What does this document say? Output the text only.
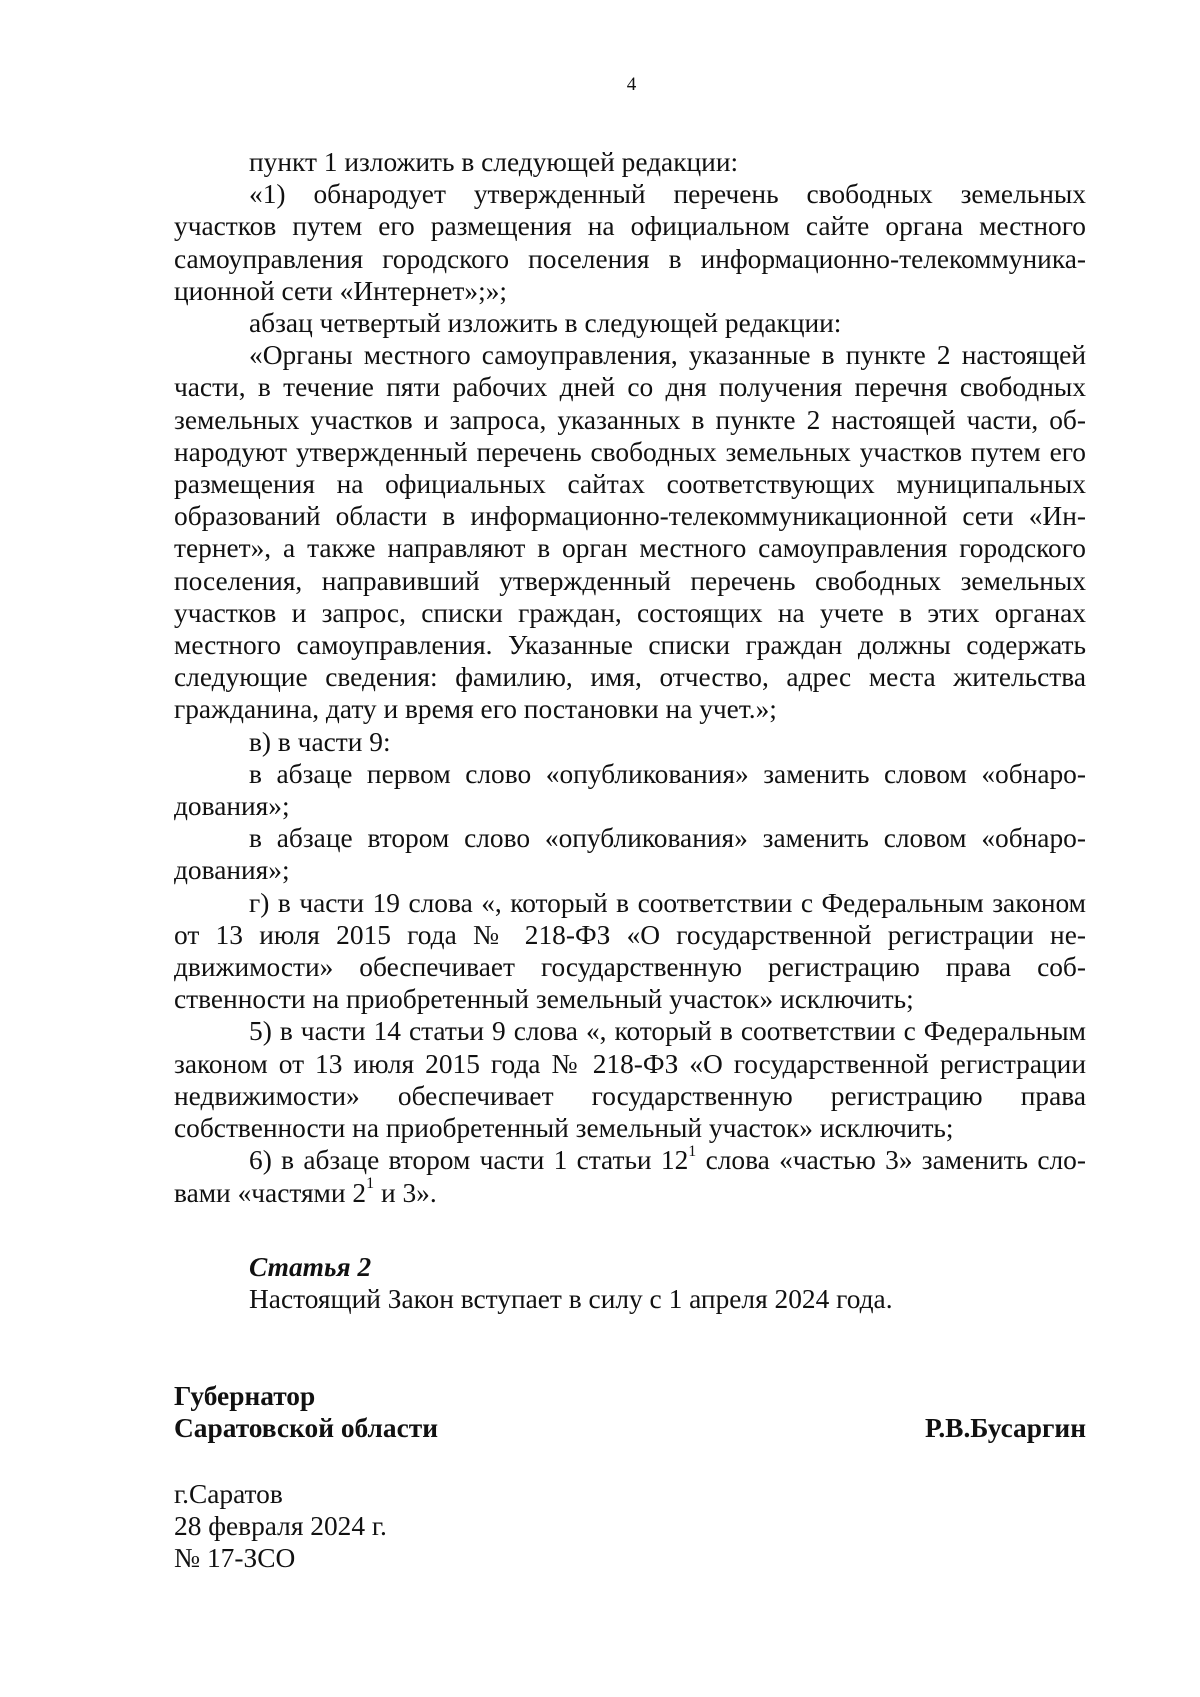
4

пункт 1 изложить в следующей редакции:

«1) обнародует утвержденный перечень свободных земельных участков путем его размещения на официальном сайте органа местного самоуправления городского поселения в информационно-телекоммуникационной сети «Интернет»;»;

абзац четвертый изложить в следующей редакции:

«Органы местного самоуправления, указанные в пункте 2 настоящей части, в течение пяти рабочих дней со дня получения перечня свободных земельных участков и запроса, указанных в пункте 2 настоящей части, обнародуют утвержденный перечень свободных земельных участков путем его размещения на официальных сайтах соответствующих муниципальных образований области в информационно-телекоммуникационной сети «Интернет», а также направляют в орган местного самоуправления городского поселения, направивший утвержденный перечень свободных земельных участков и запрос, списки граждан, состоящих на учете в этих органах местного самоуправления. Указанные списки граждан должны содержать следующие сведения: фамилию, имя, отчество, адрес места жительства гражданина, дату и время его постановки на учет.»;

в) в части 9:

в абзаце первом слово «опубликования» заменить словом «обнародования»;

в абзаце втором слово «опубликования» заменить словом «обнародования»;

г) в части 19 слова «, который в соответствии с Федеральным законом от 13 июля 2015 года № 218-ФЗ «О государственной регистрации недвижимости» обеспечивает государственную регистрацию права собственности на приобретенный земельный участок» исключить;

5) в части 14 статьи 9 слова «, который в соответствии с Федеральным законом от 13 июля 2015 года № 218-ФЗ «О государственной регистрации недвижимости» обеспечивает государственную регистрацию права собственности на приобретенный земельный участок» исключить;

6) в абзаце втором части 1 статьи $12^1$ слова «частью 3» заменить словами «частями $2^1$ и 3».

Статья 2

Настоящий Закон вступает в силу с 1 апреля 2024 года.

Губернатор
Саратовской области	Р.В.Бусаргин
г.Саратов
28 февраля 2024 г.
№ 17-ЗСО
